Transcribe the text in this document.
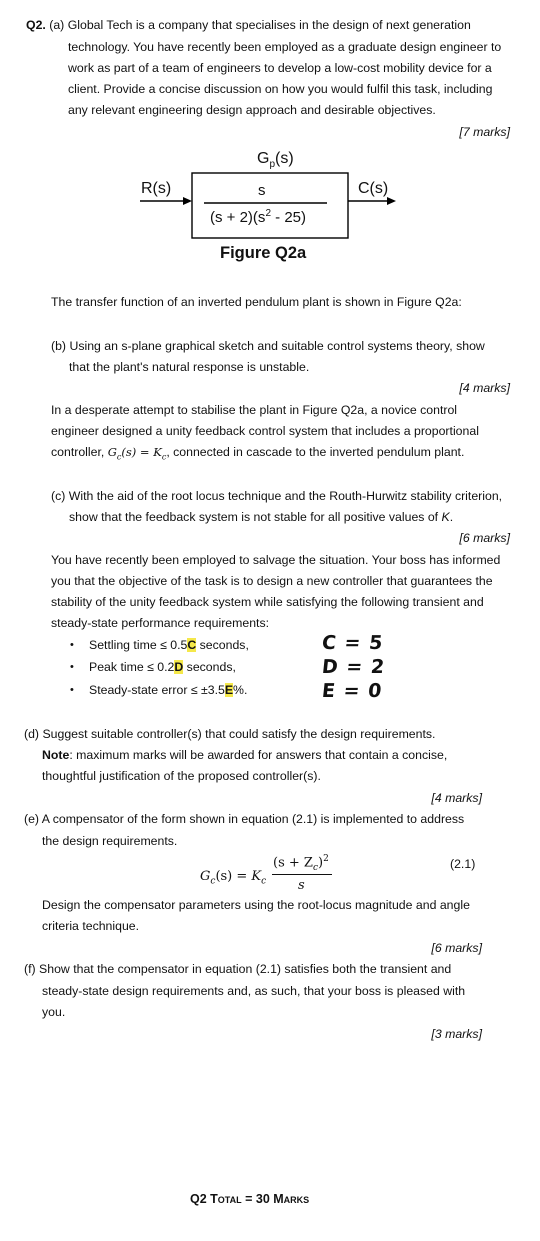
Q2. (a) Global Tech is a company that specialises in the design of next generation
technology. You have recently been employed as a graduate design engineer to
work as part of a team of engineers to develop a low-cost mobility device for a
client. Provide a concise discussion on how you would fulfil this task, including
any relevant engineering design approach and desirable objectives.
[7 marks]
$G_p(s)$
R(s)	C(s)
s
$(s + 2)(s^2 - 25)$
Figure Q2a
The transfer function of an inverted pendulum plant is shown in Figure Q2a:
(b) Using an s-plane graphical sketch and suitable control systems theory, show
that the plant's natural response is unstable.
[4 marks]
In a desperate attempt to stabilise the plant in Figure Q2a, a novice control
engineer designed a unity feedback control system that includes a proportional
controller, $G_c(s) = K_c$, connected in cascade to the inverted pendulum plant.
(c) With the aid of the root locus technique and the Routh-Hurwitz stability criterion,
show that the feedback system is not stable for all positive values of K.
[6 marks]
You have recently been employed to salvage the situation. Your boss has informed
you that the objective of the task is to design a new controller that guarantees the
stability of the unity feedback system while satisfying the following transient and
steady-state performance requirements:
• Settling time ≤ 0.5C seconds,
• Peak time ≤ 0.2D seconds,
• Steady-state error ≤ ±3.5E%.
C = 5
D = 2
E = 0
(d) Suggest suitable controller(s) that could satisfy the design requirements.
Note: maximum marks will be awarded for answers that contain a concise,
thoughtful justification of the proposed controller(s).
[4 marks]
(e) A compensator of the form shown in equation (2.1) is implemented to address
the design requirements.
$G_c(s) = K_c$
$(s + Z_c)^2$
s
(2.1)
Design the compensator parameters using the root-locus magnitude and angle
criteria technique.
[6 marks]
(f) Show that the compensator in equation (2.1) satisfies both the transient and
steady-state design requirements and, as such, that your boss is pleased with
you.
[3 marks]
Q2 Total = 30 Marks
